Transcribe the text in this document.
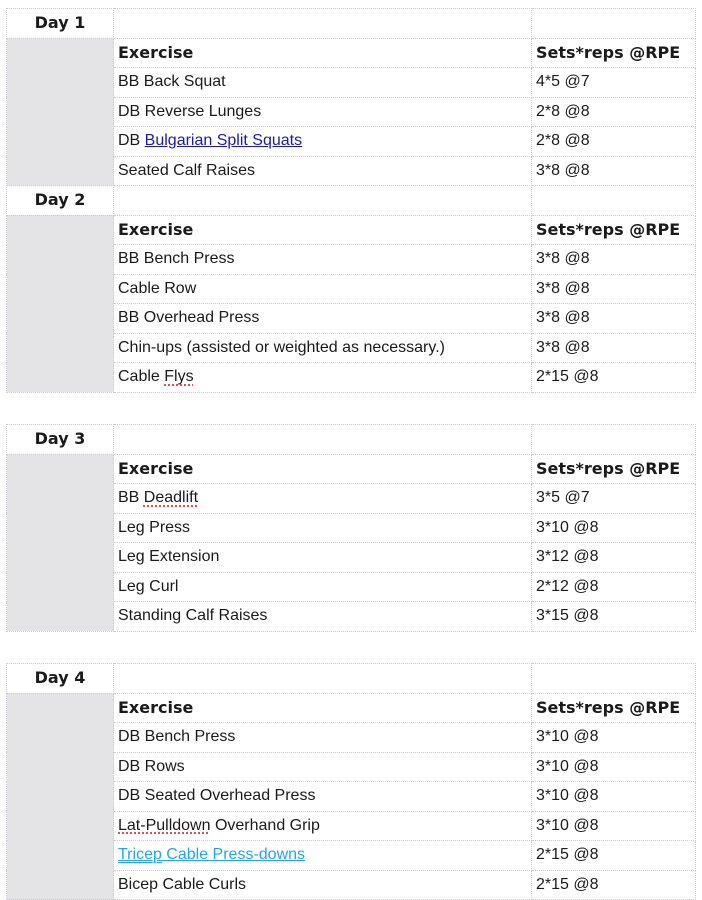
Day 1		
	Exercise	Sets*reps @RPE
	BB Back Squat	4*5 @7
	DB Reverse Lunges	2*8 @8
	DB Bulgarian Split Squats	2*8 @8
	Seated Calf Raises	3*8 @8
Day 2		
	Exercise	Sets*reps @RPE
	BB Bench Press	3*8 @8
	Cable Row	3*8 @8
	BB Overhead Press	3*8 @8
	Chin-ups (assisted or weighted as necessary.)	3*8 @8
	Cable Flys	2*15 @8
Day 3		
	Exercise	Sets*reps @RPE
	BB Deadlift	3*5 @7
	Leg Press	3*10 @8
	Leg Extension	3*12 @8
	Leg Curl	2*12 @8
	Standing Calf Raises	3*15 @8
Day 4		
	Exercise	Sets*reps @RPE
	DB Bench Press	3*10 @8
	DB Rows	3*10 @8
	DB Seated Overhead Press	3*10 @8
	Lat-Pulldown Overhand Grip	3*10 @8
	Tricep Cable Press-downs	2*15 @8
	Bicep Cable Curls	2*15 @8
